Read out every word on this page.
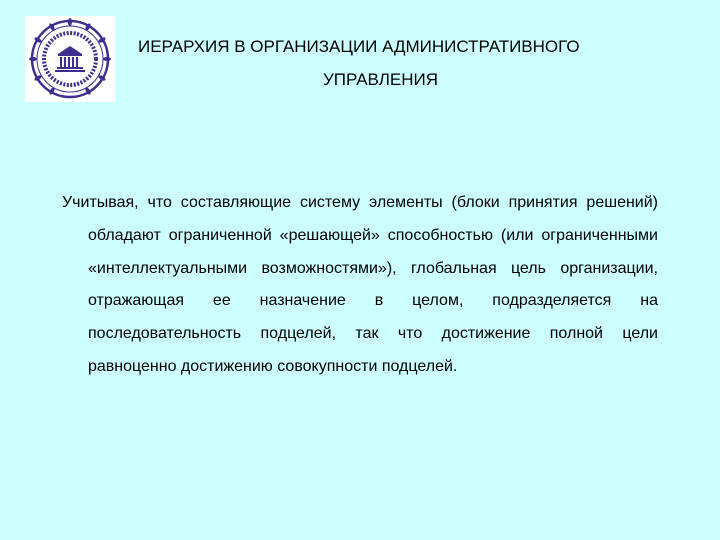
ИЕРАРХИЯ В ОРГАНИЗАЦИИ АДМИНИСТРАТИВНОГО
УПРАВЛЕНИЯ
Учитывая, что составляющие систему элементы (блоки принятия решений) обладают ограниченной «решающей» способностью (или ограниченными «интеллектуальными возможностями»), глобальная цель организации, отражающая ее назначение в целом, подразделяется на последовательность подцелей, так что достижение полной цели равноценно достижению совокупности подцелей.
